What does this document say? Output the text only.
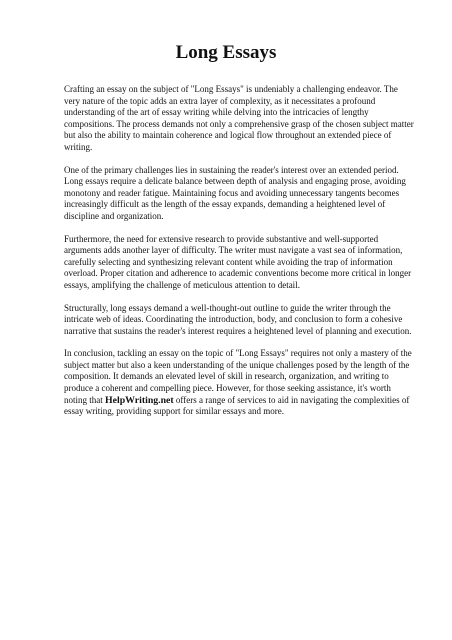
Long Essays

Crafting an essay on the subject of "Long Essays" is undeniably a challenging endeavor. The very nature of the topic adds an extra layer of complexity, as it necessitates a profound understanding of the art of essay writing while delving into the intricacies of lengthy compositions. The process demands not only a comprehensive grasp of the chosen subject matter but also the ability to maintain coherence and logical flow throughout an extended piece of writing.

One of the primary challenges lies in sustaining the reader's interest over an extended period. Long essays require a delicate balance between depth of analysis and engaging prose, avoiding monotony and reader fatigue. Maintaining focus and avoiding unnecessary tangents becomes increasingly difficult as the length of the essay expands, demanding a heightened level of discipline and organization.

Furthermore, the need for extensive research to provide substantive and well-supported arguments adds another layer of difficulty. The writer must navigate a vast sea of information, carefully selecting and synthesizing relevant content while avoiding the trap of information overload. Proper citation and adherence to academic conventions become more critical in longer essays, amplifying the challenge of meticulous attention to detail.

Structurally, long essays demand a well-thought-out outline to guide the writer through the intricate web of ideas. Coordinating the introduction, body, and conclusion to form a cohesive narrative that sustains the reader's interest requires a heightened level of planning and execution.

In conclusion, tackling an essay on the topic of "Long Essays" requires not only a mastery of the subject matter but also a keen understanding of the unique challenges posed by the length of the composition. It demands an elevated level of skill in research, organization, and writing to produce a coherent and compelling piece. However, for those seeking assistance, it's worth noting that HelpWriting.net offers a range of services to aid in navigating the complexities of essay writing, providing support for similar essays and more.
